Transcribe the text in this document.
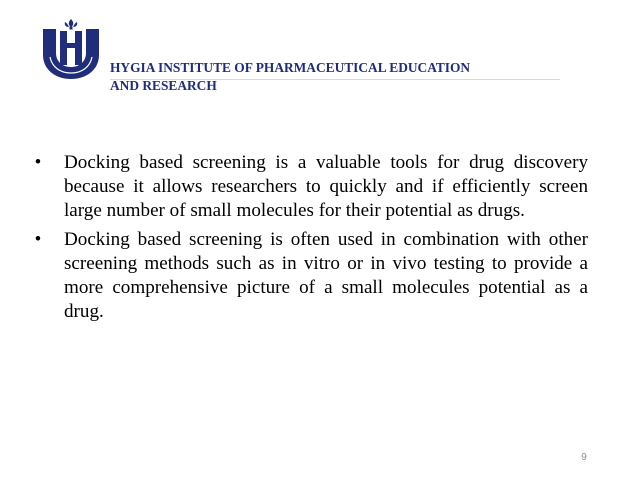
HYGIA INSTITUTE OF PHARMACEUTICAL EDUCATION
AND RESEARCH
• Docking based screening is a valuable tools for drug discovery because it allows researchers to quickly and if efficiently screen large number of small molecules for their potential as drugs.
• Docking based screening is often used in combination with other screening methods such as in vitro or in vivo testing to provide a more comprehensive picture of a small molecules potential as a drug.
9
